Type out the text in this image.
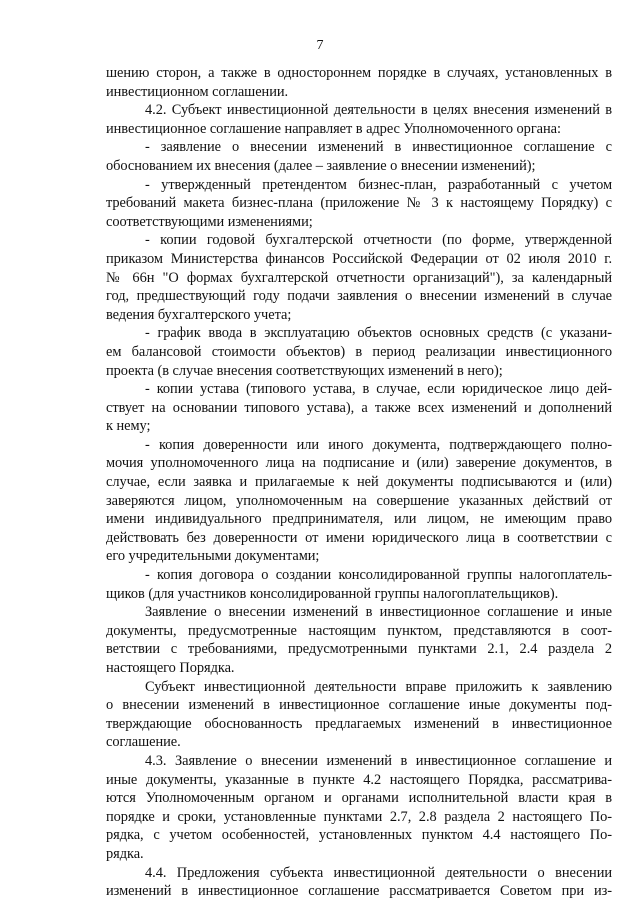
7
шению сторон, а также в одностороннем порядке в случаях, установленных в
инвестиционном соглашении.
4.2. Субъект инвестиционной деятельности в целях внесения изменений в
инвестиционное соглашение направляет в адрес Уполномоченного органа:
- заявление о внесении изменений в инвестиционное соглашение с
обоснованием их внесения (далее – заявление о внесении изменений);
- утвержденный претендентом бизнес-план, разработанный с учетом
требований макета бизнес-плана (приложение № 3 к настоящему Порядку) с
соответствующими изменениями;
- копии годовой бухгалтерской отчетности (по форме, утвержденной
приказом Министерства финансов Российской Федерации от 02 июля 2010 г.
№ 66н "О формах бухгалтерской отчетности организаций"), за календарный
год, предшествующий году подачи заявления о внесении изменений в случае
ведения бухгалтерского учета;
- график ввода в эксплуатацию объектов основных средств (с указани-
ем балансовой стоимости объектов) в период реализации инвестиционного
проекта (в случае внесения соответствующих изменений в него);
- копии устава (типового устава, в случае, если юридическое лицо дей-
ствует на основании типового устава), а также всех изменений и дополнений
к нему;
- копия доверенности или иного документа, подтверждающего полно-
мочия уполномоченного лица на подписание и (или) заверение документов, в
случае, если заявка и прилагаемые к ней документы подписываются и (или)
заверяются лицом, уполномоченным на совершение указанных действий от
имени индивидуального предпринимателя, или лицом, не имеющим право
действовать без доверенности от имени юридического лица в соответствии с
его учредительными документами;
- копия договора о создании консолидированной группы налогоплатель-
щиков (для участников консолидированной группы налогоплательщиков).
Заявление о внесении изменений в инвестиционное соглашение и иные
документы, предусмотренные настоящим пунктом, представляются в соот-
ветствии с требованиями, предусмотренными пунктами 2.1, 2.4 раздела 2
настоящего Порядка.
Субъект инвестиционной деятельности вправе приложить к заявлению
о внесении изменений в инвестиционное соглашение иные документы под-
тверждающие обоснованность предлагаемых изменений в инвестиционное
соглашение.
4.3. Заявление о внесении изменений в инвестиционное соглашение и
иные документы, указанные в пункте 4.2 настоящего Порядка, рассматрива-
ются Уполномоченным органом и органами исполнительной власти края в
порядке и сроки, установленные пунктами 2.7, 2.8 раздела 2 настоящего По-
рядка, с учетом особенностей, установленных пунктом 4.4 настоящего По-
рядка.
4.4. Предложения субъекта инвестиционной деятельности о внесении
изменений в инвестиционное соглашение рассматривается Советом при из-
